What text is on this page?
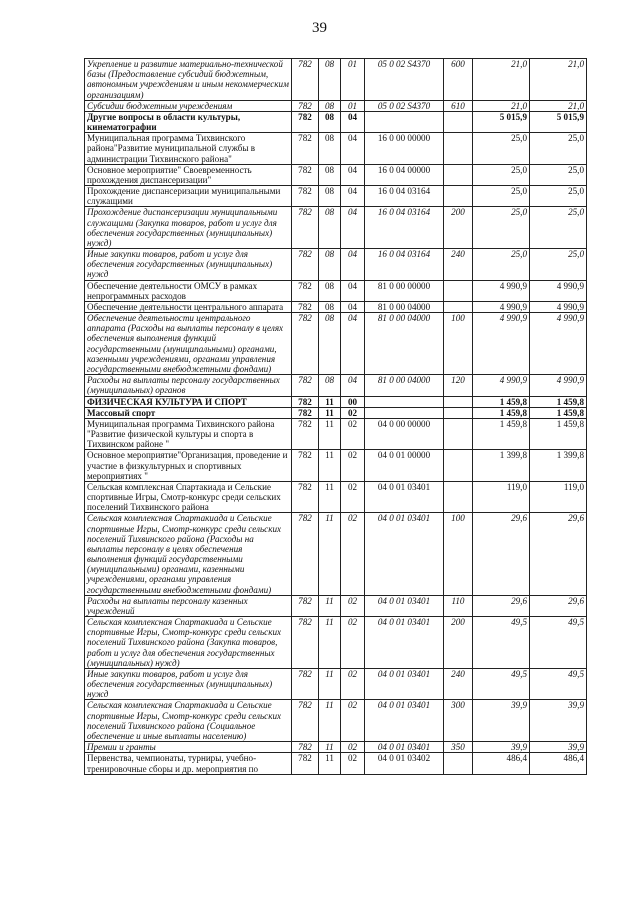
39
Укрепление и развитие материально-технической базы (Предоставление субсидий бюджетным, автономным учреждениям и иным некоммерческим организациям)	782	08	01	05 0 02 S4370	600	21,0	21,0
Субсидии бюджетным учреждениям	782	08	01	05 0 02 S4370	610	21,0	21,0
Другие вопросы в области культуры, кинематографии	782	08	04			5 015,9	5 015,9
Муниципальная программа Тихвинского района"Развитие муниципальной службы в администрации Тихвинского района"	782	08	04	16 0 00 00000		25,0	25,0
Основное мероприятие" Своевременность прохождения диспансеризации"	782	08	04	16 0 04 00000		25,0	25,0
Прохождение диспансеризации муниципальными служащими	782	08	04	16 0 04 03164		25,0	25,0
Прохождение диспансеризации муниципальными служащими (Закупка товаров, работ и услуг для обеспечения государственных (муниципальных) нужд)	782	08	04	16 0 04 03164	200	25,0	25,0
Иные закупки товаров, работ и услуг для обеспечения государственных (муниципальных) нужд	782	08	04	16 0 04 03164	240	25,0	25,0
Обеспечение деятельности ОМСУ в рамках непрограммных расходов	782	08	04	81 0 00 00000		4 990,9	4 990,9
Обеспечение деятельности центрального аппарата	782	08	04	81 0 00 04000		4 990,9	4 990,9
Обеспечение деятельности центрального аппарата (Расходы на выплаты персоналу в целях обеспечения выполнения функций государственными (муниципальными) органами, казенными учреждениями, органами управления государственными внебюджетными фондами)	782	08	04	81 0 00 04000	100	4 990,9	4 990,9
Расходы на выплаты персоналу государственных (муниципальных) органов	782	08	04	81 0 00 04000	120	4 990,9	4 990,9
ФИЗИЧЕСКАЯ КУЛЬТУРА И СПОРТ	782	11	00			1 459,8	1 459,8
Массовый спорт	782	11	02			1 459,8	1 459,8
Муниципальная программа Тихвинского района "Развитие физической культуры и спорта в Тихвинском районе "	782	11	02	04 0 00 00000		1 459,8	1 459,8
Основное мероприятие"Организация, проведение и участие в физкультурных и спортивных мероприятиях "	782	11	02	04 0 01 00000		1 399,8	1 399,8
Сельская комплексная Спартакиада и Сельские спортивные Игры, Смотр-конкурс среди сельских поселений Тихвинского района	782	11	02	04 0 01 03401		119,0	119,0
Сельская комплексная Спартакиада и Сельские спортивные Игры, Смотр-конкурс среди сельских поселений Тихвинского района (Расходы на выплаты персоналу в целях обеспечения выполнения функций государственными (муниципальными) органами, казенными учреждениями, органами управления государственными внебюджетными фондами)	782	11	02	04 0 01 03401	100	29,6	29,6
Расходы на выплаты персоналу казенных учреждений	782	11	02	04 0 01 03401	110	29,6	29,6
Сельская комплексная Спартакиада и Сельские спортивные Игры, Смотр-конкурс среди сельских поселений Тихвинского района (Закупка товаров, работ и услуг для обеспечения государственных (муниципальных) нужд)	782	11	02	04 0 01 03401	200	49,5	49,5
Иные закупки товаров, работ и услуг для обеспечения государственных (муниципальных) нужд	782	11	02	04 0 01 03401	240	49,5	49,5
Сельская комплексная Спартакиада и Сельские спортивные Игры, Смотр-конкурс среди сельских поселений Тихвинского района (Социальное обеспечение и иные выплаты населению)	782	11	02	04 0 01 03401	300	39,9	39,9
Премии и гранты	782	11	02	04 0 01 03401	350	39,9	39,9
Первенства, чемпионаты, турниры, учебно-тренировочные сборы и др. мероприятия по	782	11	02	04 0 01 03402		486,4	486,4
